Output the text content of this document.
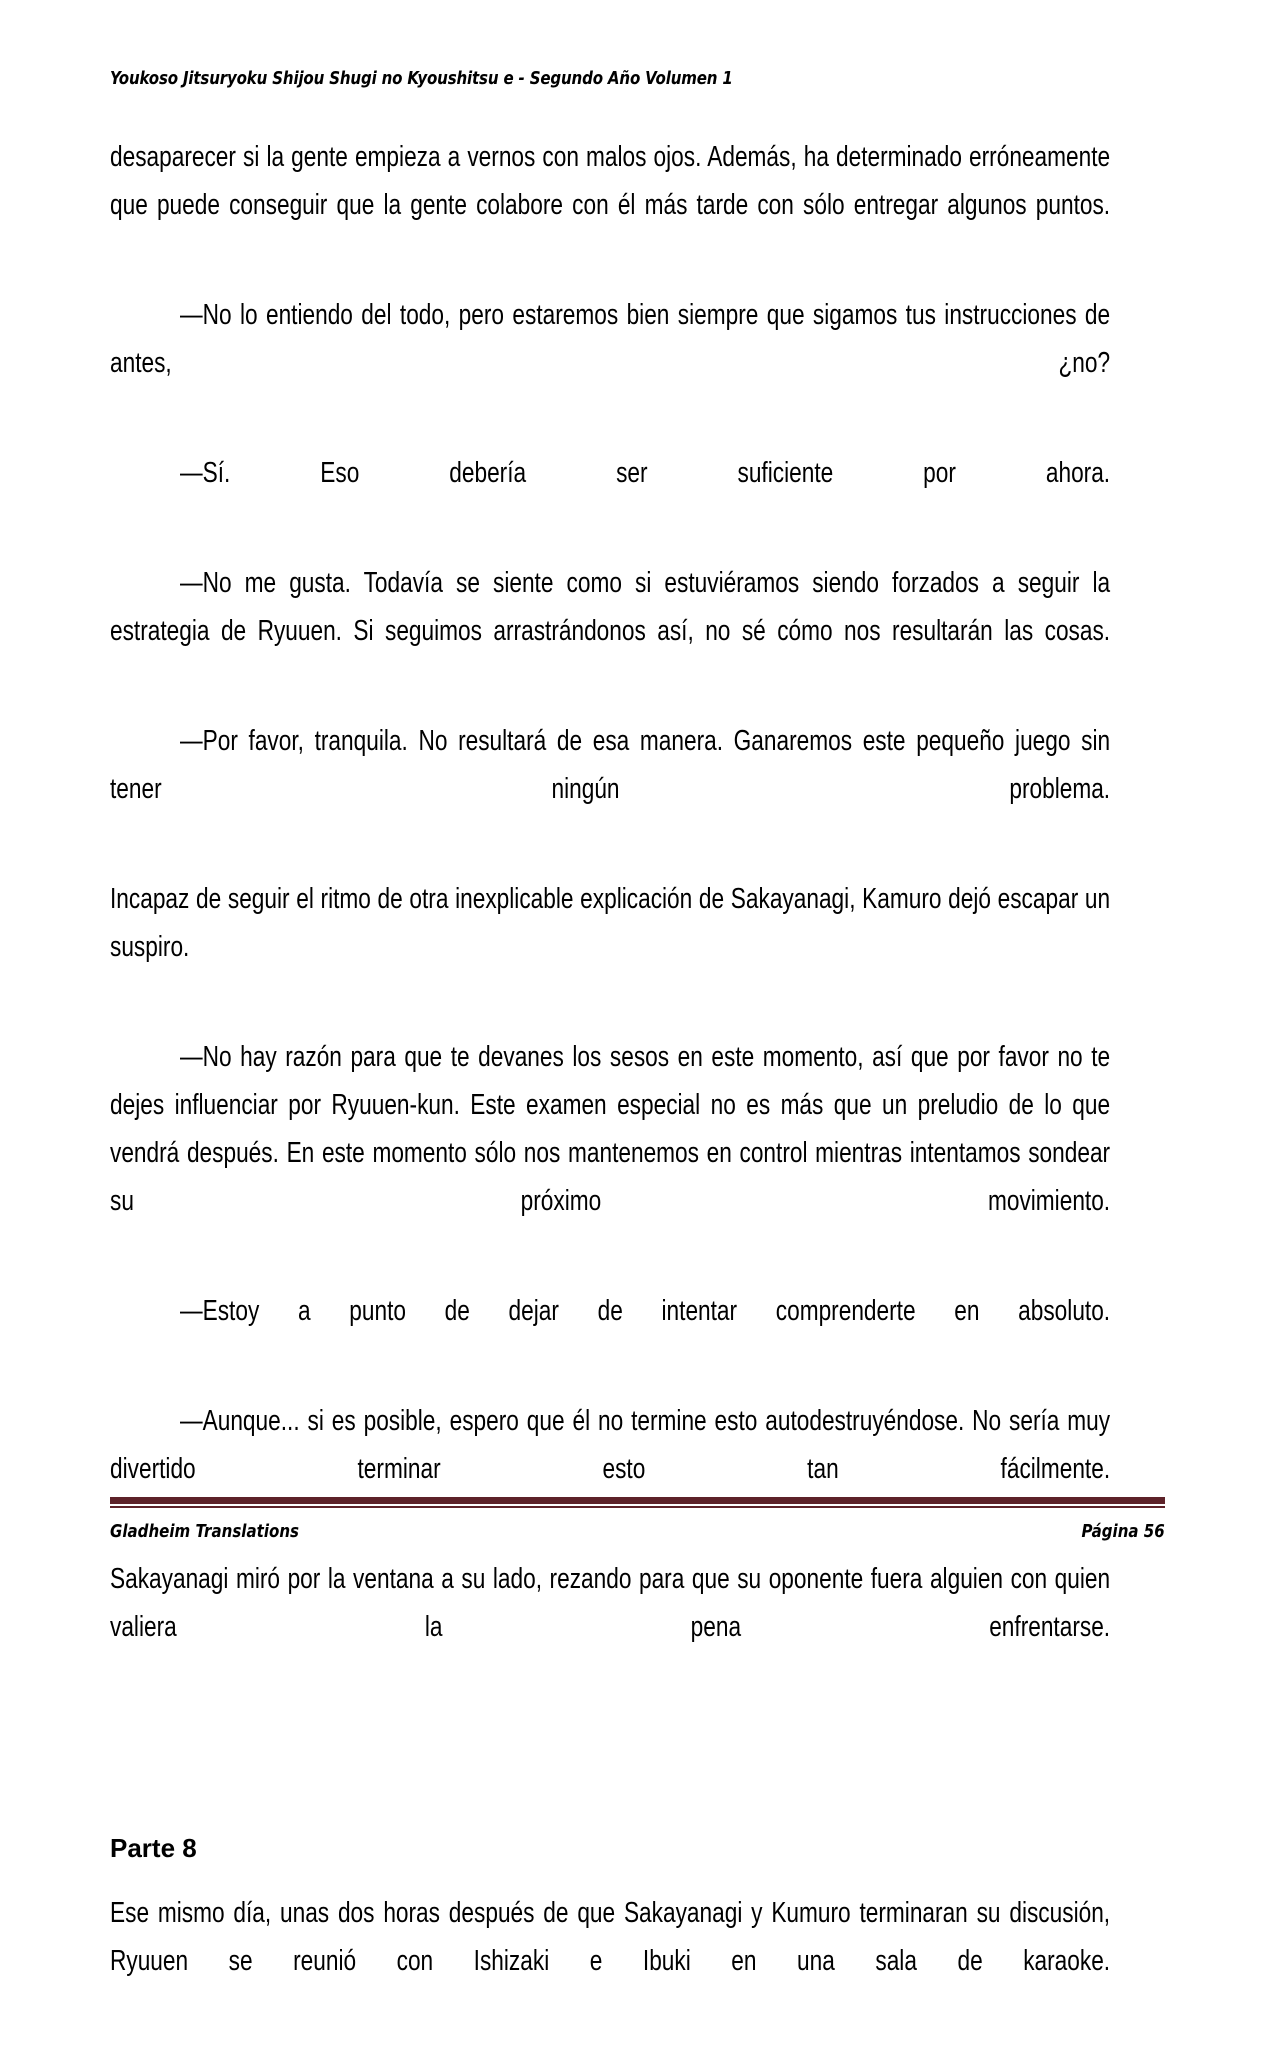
Youkoso Jitsuryoku Shijou Shugi no Kyoushitsu e - Segundo Año Volumen 1

desaparecer si la gente empieza a vernos con malos ojos. Además, ha determinado erróneamente que puede conseguir que la gente colabore con él más tarde con sólo entregar algunos puntos.

—No lo entiendo del todo, pero estaremos bien siempre que sigamos tus instrucciones de antes, ¿no?

—Sí. Eso debería ser suficiente por ahora.

—No me gusta. Todavía se siente como si estuviéramos siendo forzados a seguir la estrategia de Ryuuen. Si seguimos arrastrándonos así, no sé cómo nos resultarán las cosas.

—Por favor, tranquila. No resultará de esa manera. Ganaremos este pequeño juego sin tener ningún problema.

Incapaz de seguir el ritmo de otra inexplicable explicación de Sakayanagi, Kamuro dejó escapar un suspiro.

—No hay razón para que te devanes los sesos en este momento, así que por favor no te dejes influenciar por Ryuuen-kun. Este examen especial no es más que un preludio de lo que vendrá después. En este momento sólo nos mantenemos en control mientras intentamos sondear su próximo movimiento.

—Estoy a punto de dejar de intentar comprenderte en absoluto.

—Aunque... si es posible, espero que él no termine esto autodestruyéndose. No sería muy divertido terminar esto tan fácilmente.

Sakayanagi miró por la ventana a su lado, rezando para que su oponente fuera alguien con quien valiera la pena enfrentarse.

Parte 8

Ese mismo día, unas dos horas después de que Sakayanagi y Kumuro terminaran su discusión, Ryuuen se reunió con Ishizaki e Ibuki en una sala de karaoke.

Gladheim Translations	Página 56
